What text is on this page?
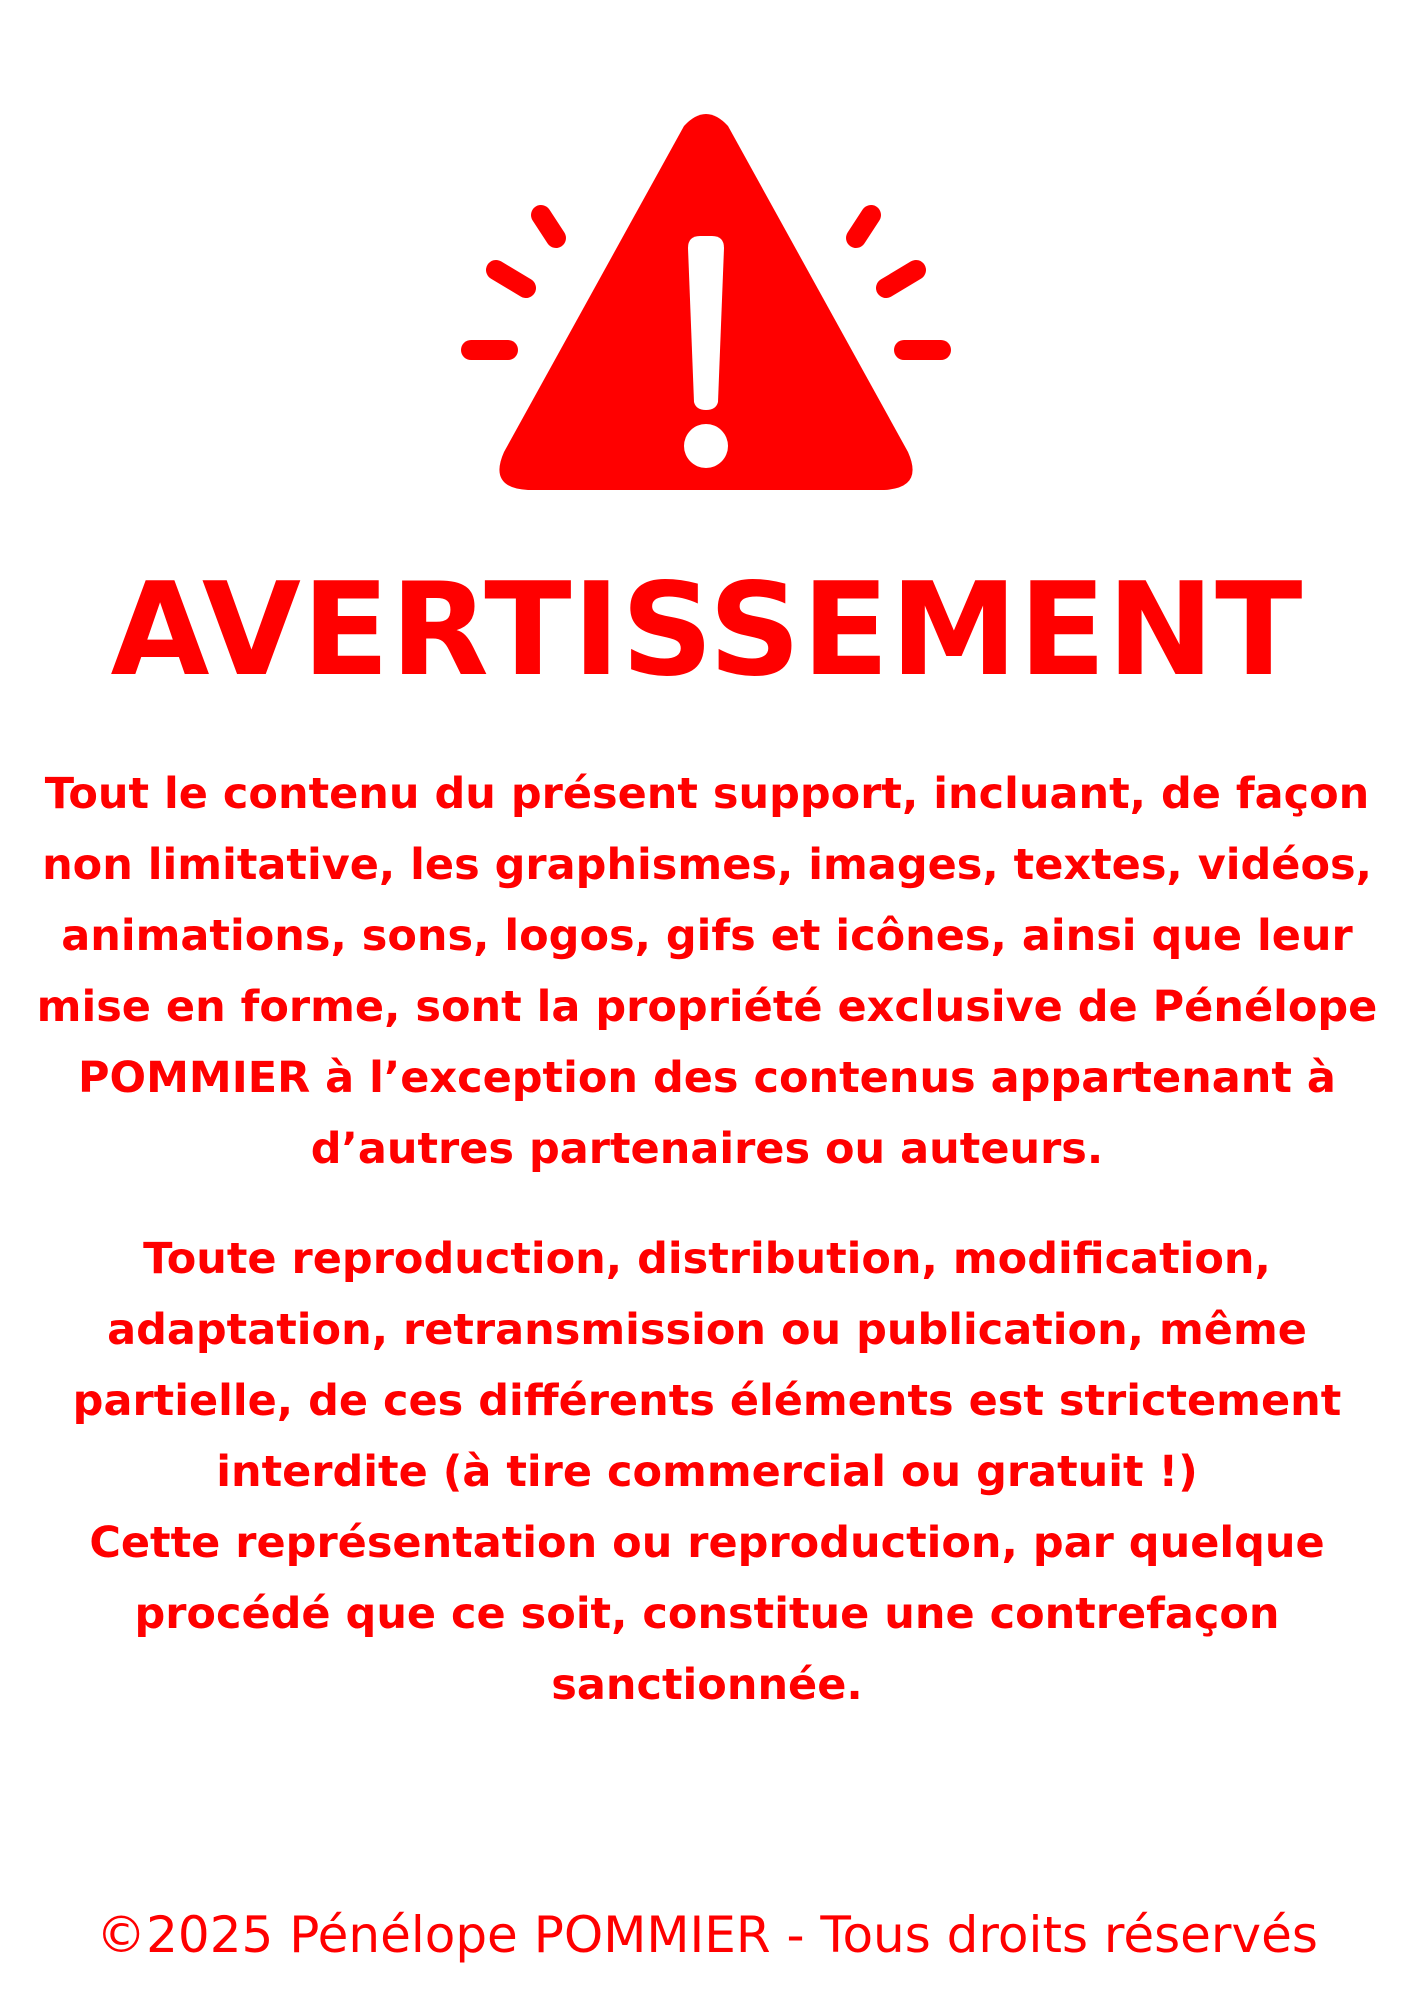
AVERTISSEMENT

Tout le contenu du présent support, incluant, de façon
non limitative, les graphismes, images, textes, vidéos,
animations, sons, logos, gifs et icônes, ainsi que leur
mise en forme, sont la propriété exclusive de Pénélope
POMMIER à l’exception des contenus appartenant à
d’autres partenaires ou auteurs.

Toute reproduction, distribution, modification,
adaptation, retransmission ou publication, même
partielle, de ces différents éléments est strictement
interdite (à tire commercial ou gratuit !)
Cette représentation ou reproduction, par quelque
procédé que ce soit, constitue une contrefaçon
sanctionnée.

©2025 Pénélope POMMIER - Tous droits réservés
